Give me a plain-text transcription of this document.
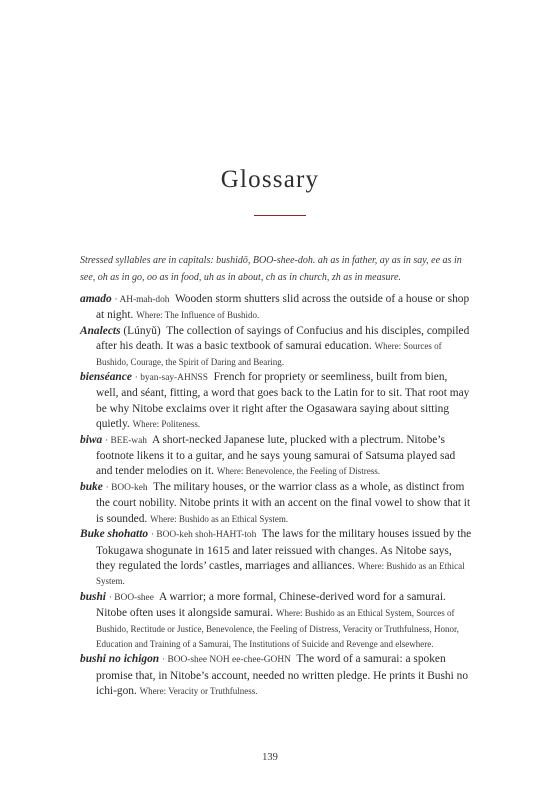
Glossary

Stressed syllables are in capitals: bushidō, BOO-shee-doh. ah as in father, ay as in say, ee as in see, oh as in go, oo as in food, uh as in about, ch as in church, zh as in measure.

amado · AH-mah-doh Wooden storm shutters slid across the outside of a house or shop at night. Where: The Influence of Bushido.

Analects (Lúnyǔ) The collection of sayings of Confucius and his disciples, compiled after his death. It was a basic textbook of samurai education. Where: Sources of Bushido, Courage, the Spirit of Daring and Bearing.

bienséance · byan-say-AHNSS French for propriety or seemliness, built from bien, well, and séant, fitting, a word that goes back to the Latin for to sit. That root may be why Nitobe exclaims over it right after the Ogasawara saying about sitting quietly. Where: Politeness.

biwa · BEE-wah A short-necked Japanese lute, plucked with a plectrum. Nitobe’s footnote likens it to a guitar, and he says young samurai of Satsuma played sad and tender melodies on it. Where: Benevolence, the Feeling of Distress.

buke · BOO-keh The military houses, or the warrior class as a whole, as distinct from the court nobility. Nitobe prints it with an accent on the final vowel to show that it is sounded. Where: Bushido as an Ethical System.

Buke shohatto · BOO-keh shoh-HAHT-toh The laws for the military houses issued by the Tokugawa shogunate in 1615 and later reissued with changes. As Nitobe says, they regulated the lords’ castles, marriages and alliances. Where: Bushido as an Ethical System.

bushi · BOO-shee A warrior; a more formal, Chinese-derived word for a samurai. Nitobe often uses it alongside samurai. Where: Bushido as an Ethical System, Sources of Bushido, Rectitude or Justice, Benevolence, the Feeling of Distress, Veracity or Truthfulness, Honor, Education and Training of a Samurai, The Institutions of Suicide and Revenge and elsewhere.

bushi no ichigon · BOO-shee NOH ee-chee-GOHN The word of a samurai: a spoken promise that, in Nitobe’s account, needed no written pledge. He prints it Bushi no ichi-gon. Where: Veracity or Truthfulness.

139
